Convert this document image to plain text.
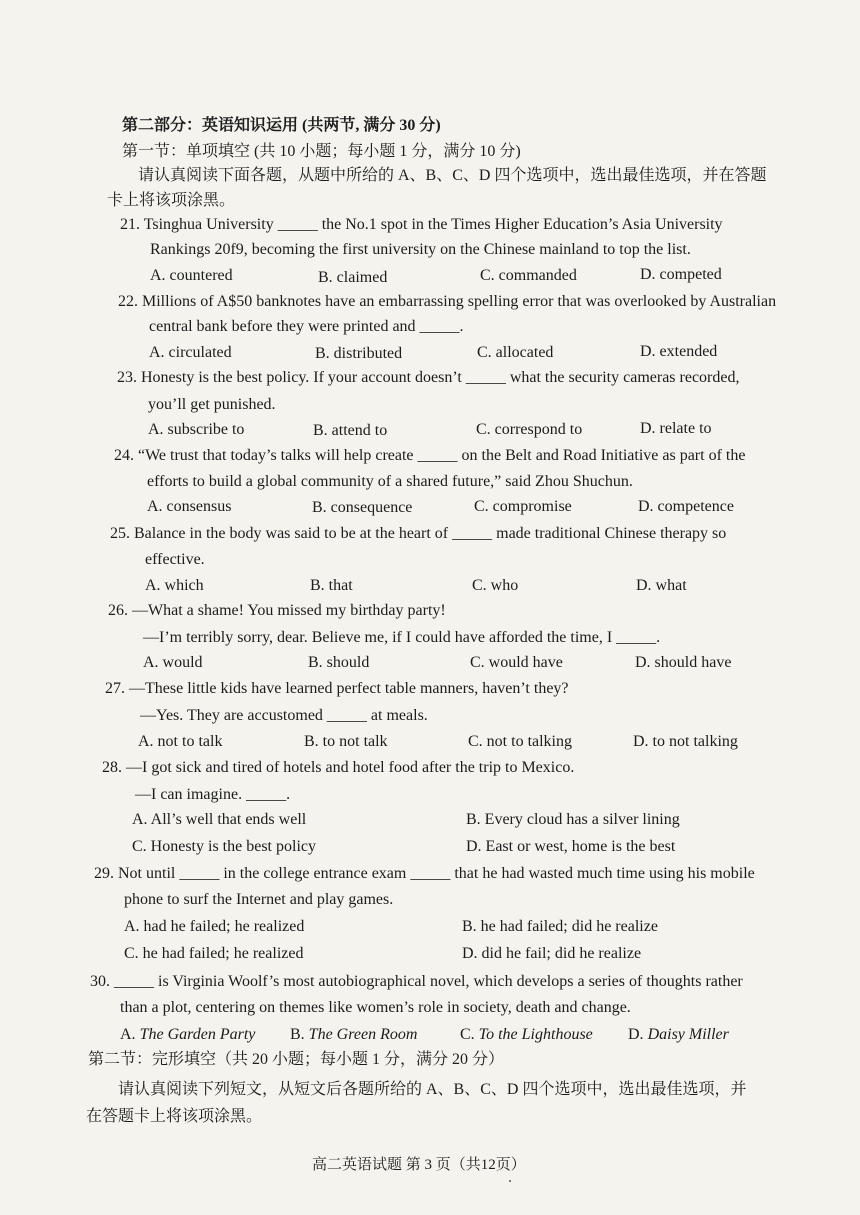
第二部分：英语知识运用 (共两节, 满分 30 分)
第一节：单项填空 (共 10 小题；每小题 1 分，满分 10 分)
请认真阅读下面各题，从题中所给的 A、B、C、D 四个选项中，选出最佳选项，并在答题
卡上将该项涂黑。
21. Tsinghua University _____ the No.1 spot in the Times Higher Education’s Asia University
Rankings 20f9, becoming the first university on the Chinese mainland to top the list.
A. countered	B. claimed	C. commanded	D. competed
22. Millions of A$50 banknotes have an embarrassing spelling error that was overlooked by Australian
central bank before they were printed and _____.
A. circulated	B. distributed	C. allocated	D. extended
23. Honesty is the best policy. If your account doesn’t _____ what the security cameras recorded,
you’ll get punished.
A. subscribe to	B. attend to	C. correspond to	D. relate to
24. “We trust that today’s talks will help create _____ on the Belt and Road Initiative as part of the
efforts to build a global community of a shared future,” said Zhou Shuchun.
A. consensus	B. consequence	C. compromise	D. competence
25. Balance in the body was said to be at the heart of _____ made traditional Chinese therapy so
effective.
A. which	B. that	C. who	D. what
26. —What a shame! You missed my birthday party!
—I’m terribly sorry, dear. Believe me, if I could have afforded the time, I _____.
A. would	B. should	C. would have	D. should have
27. —These little kids have learned perfect table manners, haven’t they?
—Yes. They are accustomed _____ at meals.
A. not to talk	B. to not talk	C. not to talking	D. to not talking
28. —I got sick and tired of hotels and hotel food after the trip to Mexico.
—I can imagine. _____.
A. All’s well that ends well	B. Every cloud has a silver lining
C. Honesty is the best policy	D. East or west, home is the best
29. Not until _____ in the college entrance exam _____ that he had wasted much time using his mobile
phone to surf the Internet and play games.
A. had he failed; he realized	B. he had failed; did he realize
C. he had failed; he realized	D. did he fail; did he realize
30. _____ is Virginia Woolf’s most autobiographical novel, which develops a series of thoughts rather
than a plot, centering on themes like women’s role in society, death and change.
A. The Garden Party B. The Green Room	C. To the Lighthouse D. Daisy Miller
第二节：完形填空（共 20 小题；每小题 1 分，满分 20 分）
请认真阅读下列短文，从短文后各题所给的 A、B、C、D 四个选项中，选出最佳选项，并
在答题卡上将该项涂黑。
高二英语试题 第 3 页（共12页）
